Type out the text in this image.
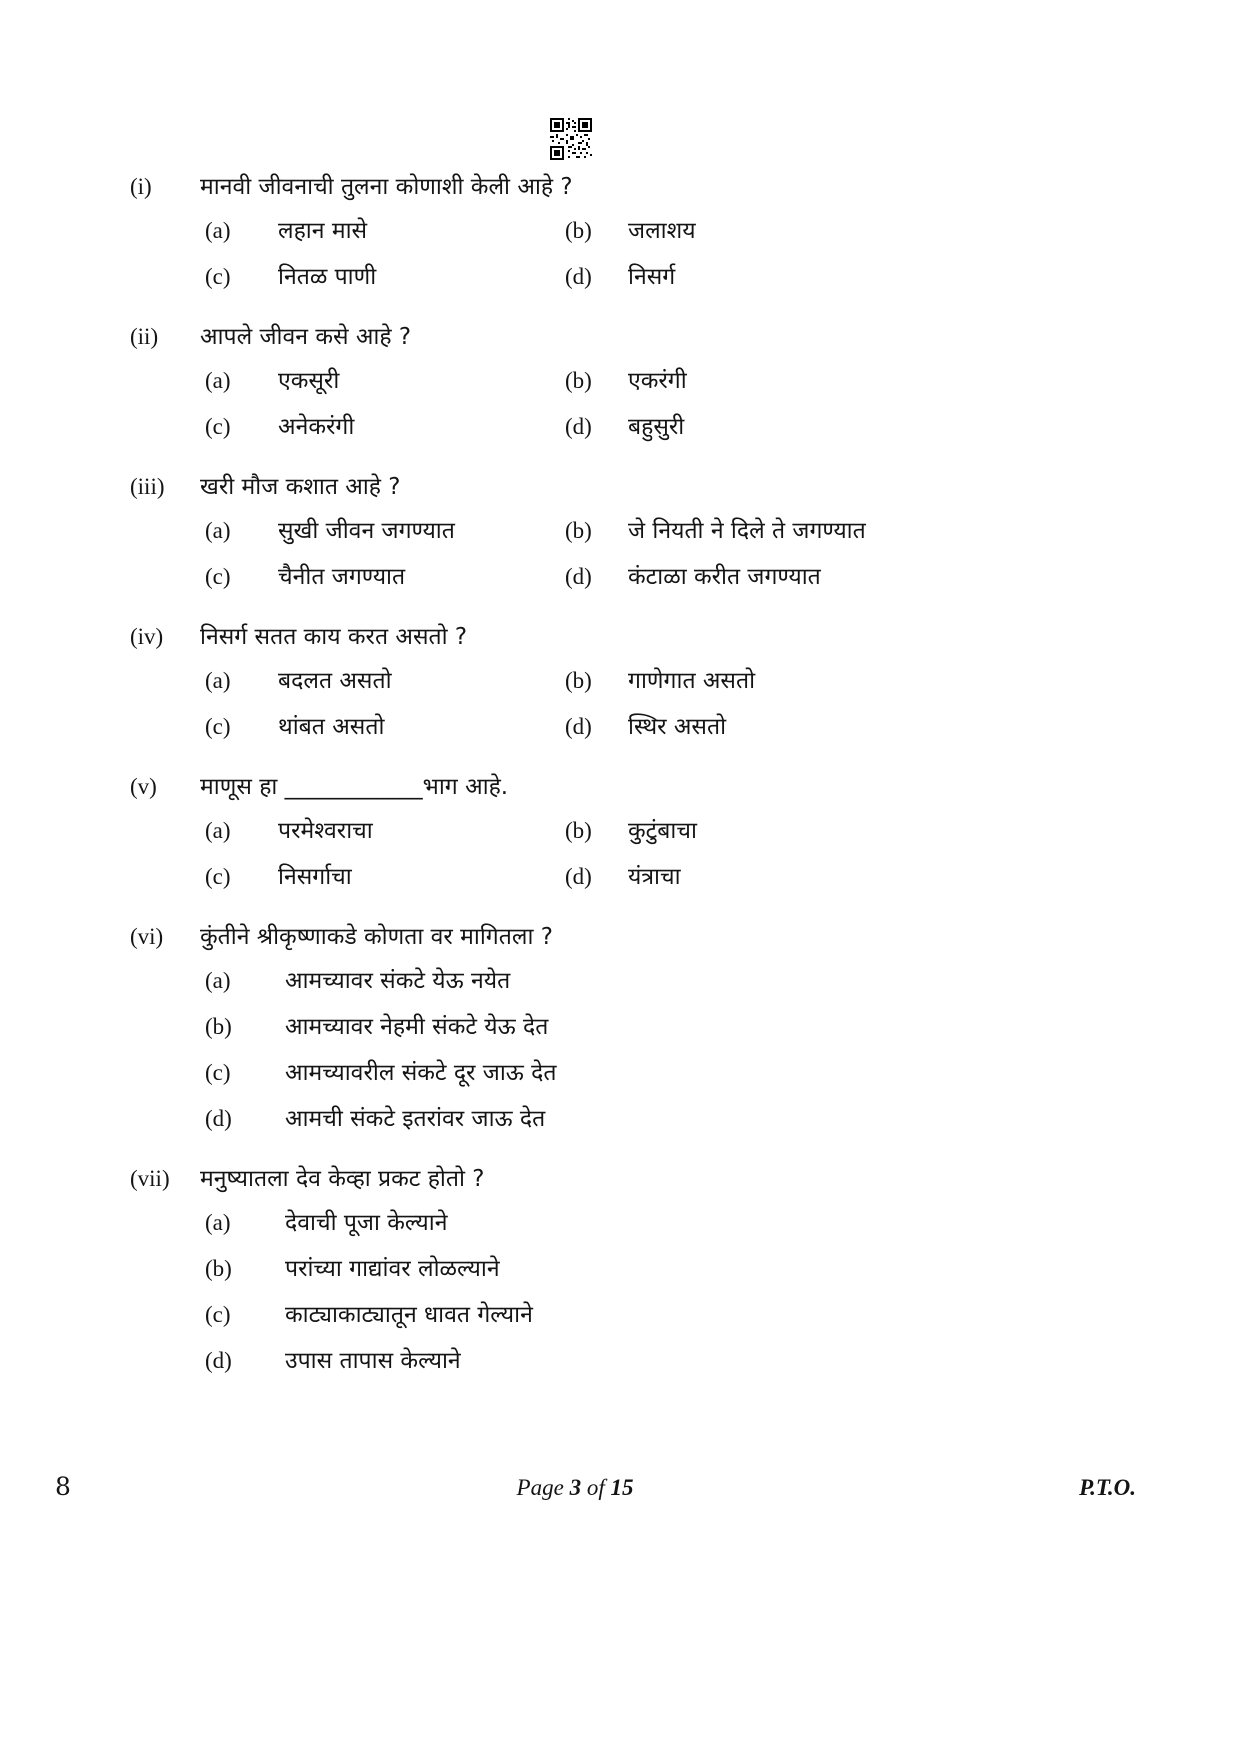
(i)	मानवी जीवनाची तुलना कोणाशी केली आहे ?
(a)	लहान मासे	(b)	जलाशय
(c)	नितळ पाणी	(d)	निसर्ग
(ii)	आपले जीवन कसे आहे ?
(a)	एकसूरी	(b)	एकरंगी
(c)	अनेकरंगी	(d)	बहुसुरी
(iii)	खरी मौज कशात आहे ?
(a)	सुखी जीवन जगण्यात	(b)	जे नियती ने दिले ते जगण्यात
(c)	चैनीत जगण्यात	(d)	कंटाळा करीत जगण्यात
(iv)	निसर्ग सतत काय करत असतो ?
(a)	बदलत असतो	(b)	गाणेगात असतो
(c)	थांबत असतो	(d)	स्थिर असतो
(v)	माणूस हा ____________भाग आहे.
(a)	परमेश्वराचा	(b)	कुटुंबाचा
(c)	निसर्गाचा	(d)	यंत्राचा
(vi)	कुंतीने श्रीकृष्णाकडे कोणता वर मागितला ?
(a)	आमच्यावर संकटे येऊ नयेत
(b)	आमच्यावर नेहमी संकटे येऊ देत
(c)	आमच्यावरील संकटे दूर जाऊ देत
(d)	आमची संकटे इतरांवर जाऊ देत
(vii)	मनुष्यातला देव केव्हा प्रकट होतो ?
(a)	देवाची पूजा केल्याने
(b)	परांच्या गाद्यांवर लोळल्याने
(c)	काट्याकाट्यातून धावत गेल्याने
(d)	उपास तापास केल्याने
8	Page 3 of 15	P.T.O.
